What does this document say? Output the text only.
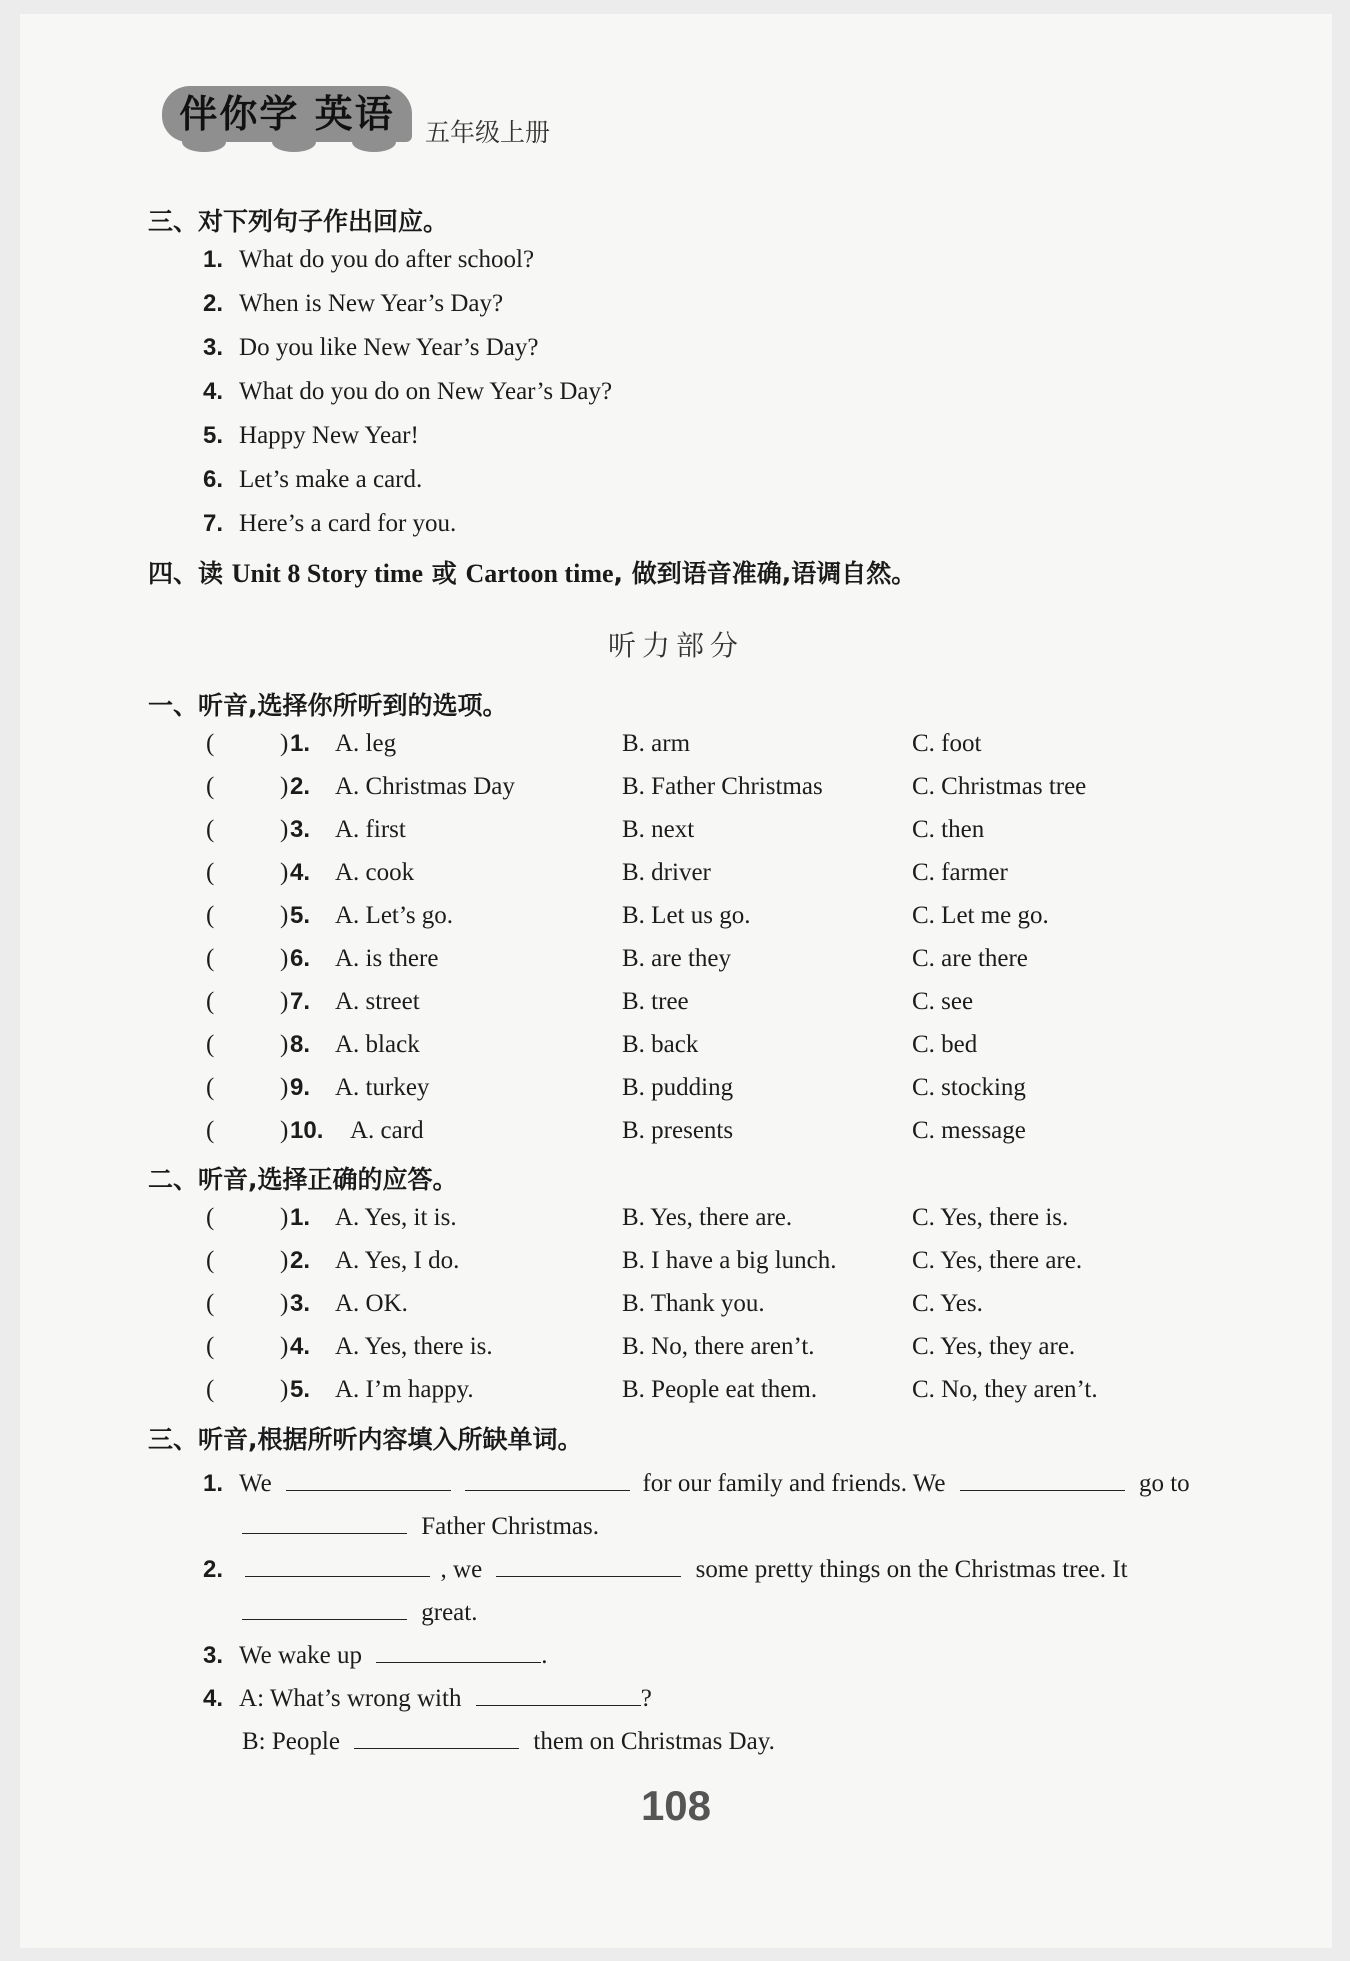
伴你学 英语	五年级上册
三、对下列句子作出回应。
1. What do you do after school?
2. When is New Year’s Day?
3. Do you like New Year’s Day?
4. What do you do on New Year’s Day?
5. Happy New Year!
6. Let’s make a card.
7. Here’s a card for you.
四、读 Unit 8 Story time 或 Cartoon time, 做到语音准确,语调自然。
听力部分
一、听音,选择你所听到的选项。
(	) 1. A. leg	B. arm	C. foot
(	) 2. A. Christmas Day	B. Father Christmas	C. Christmas tree
(	) 3. A. first	B. next	C. then
(	) 4. A. cook	B. driver	C. farmer
(	) 5. A. Let’s go.	B. Let us go.	C. Let me go.
(	) 6. A. is there	B. are they	C. are there
(	) 7. A. street	B. tree	C. see
(	) 8. A. black	B. back	C. bed
(	) 9. A. turkey	B. pudding	C. stocking
(	) 10. A. card	B. presents	C. message
二、听音,选择正确的应答。
(	) 1. A. Yes, it is.	B. Yes, there are.	C. Yes, there is.
(	) 2. A. Yes, I do.	B. I have a big lunch.	C. Yes, there are.
(	) 3. A. OK.	B. Thank you.	C. Yes.
(	) 4. A. Yes, there is.	B. No, there aren’t.	C. Yes, they are.
(	) 5. A. I’m happy.	B. People eat them.	C. No, they aren’t.
三、听音,根据所听内容填入所缺单词。
1. We	for our family and friends. We	go to
Father Christmas.
2.	, we	some pretty things on the Christmas tree. It
great.
3. We wake up	.
4. A: What’s wrong with	?
B: People	them on Christmas Day.
108
